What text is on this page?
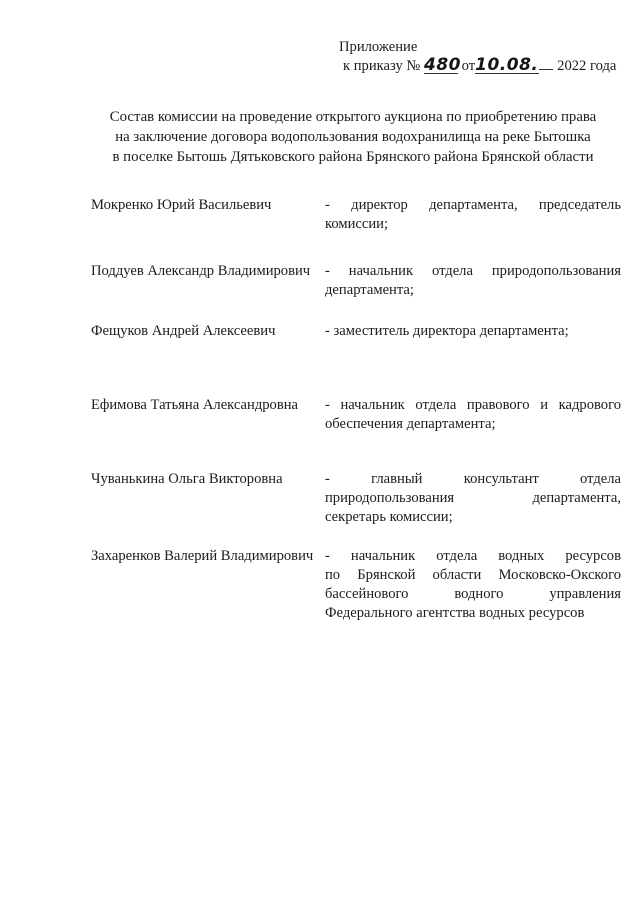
Приложение
к приказу № 480 от10.08. 2022 года
Состав комиссии на проведение открытого аукциона по приобретению права
на заключение договора водопользования водохранилища на реке Бытошка
в поселке Бытошь Дятьковского района Брянского района Брянской области
Мокренко Юрий Васильевич	- директор департамента, председатель
комиссии;
Поддуев Александр Владимирович - начальник отдела природопользования
департамента;
Фещуков Андрей Алексеевич	- заместитель директора департамента;
Ефимова Татьяна Александровна - начальник отдела правового и кадрового
обеспечения департамента;
Чуванькина Ольга Викторовна	- главный консультант отдела
природопользования департамента,
секретарь комиссии;
Захаренков Валерий Владимирович - начальник отдела водных ресурсов
по Брянской области Московско-Окского
бассейнового водного управления
Федерального агентства водных ресурсов
